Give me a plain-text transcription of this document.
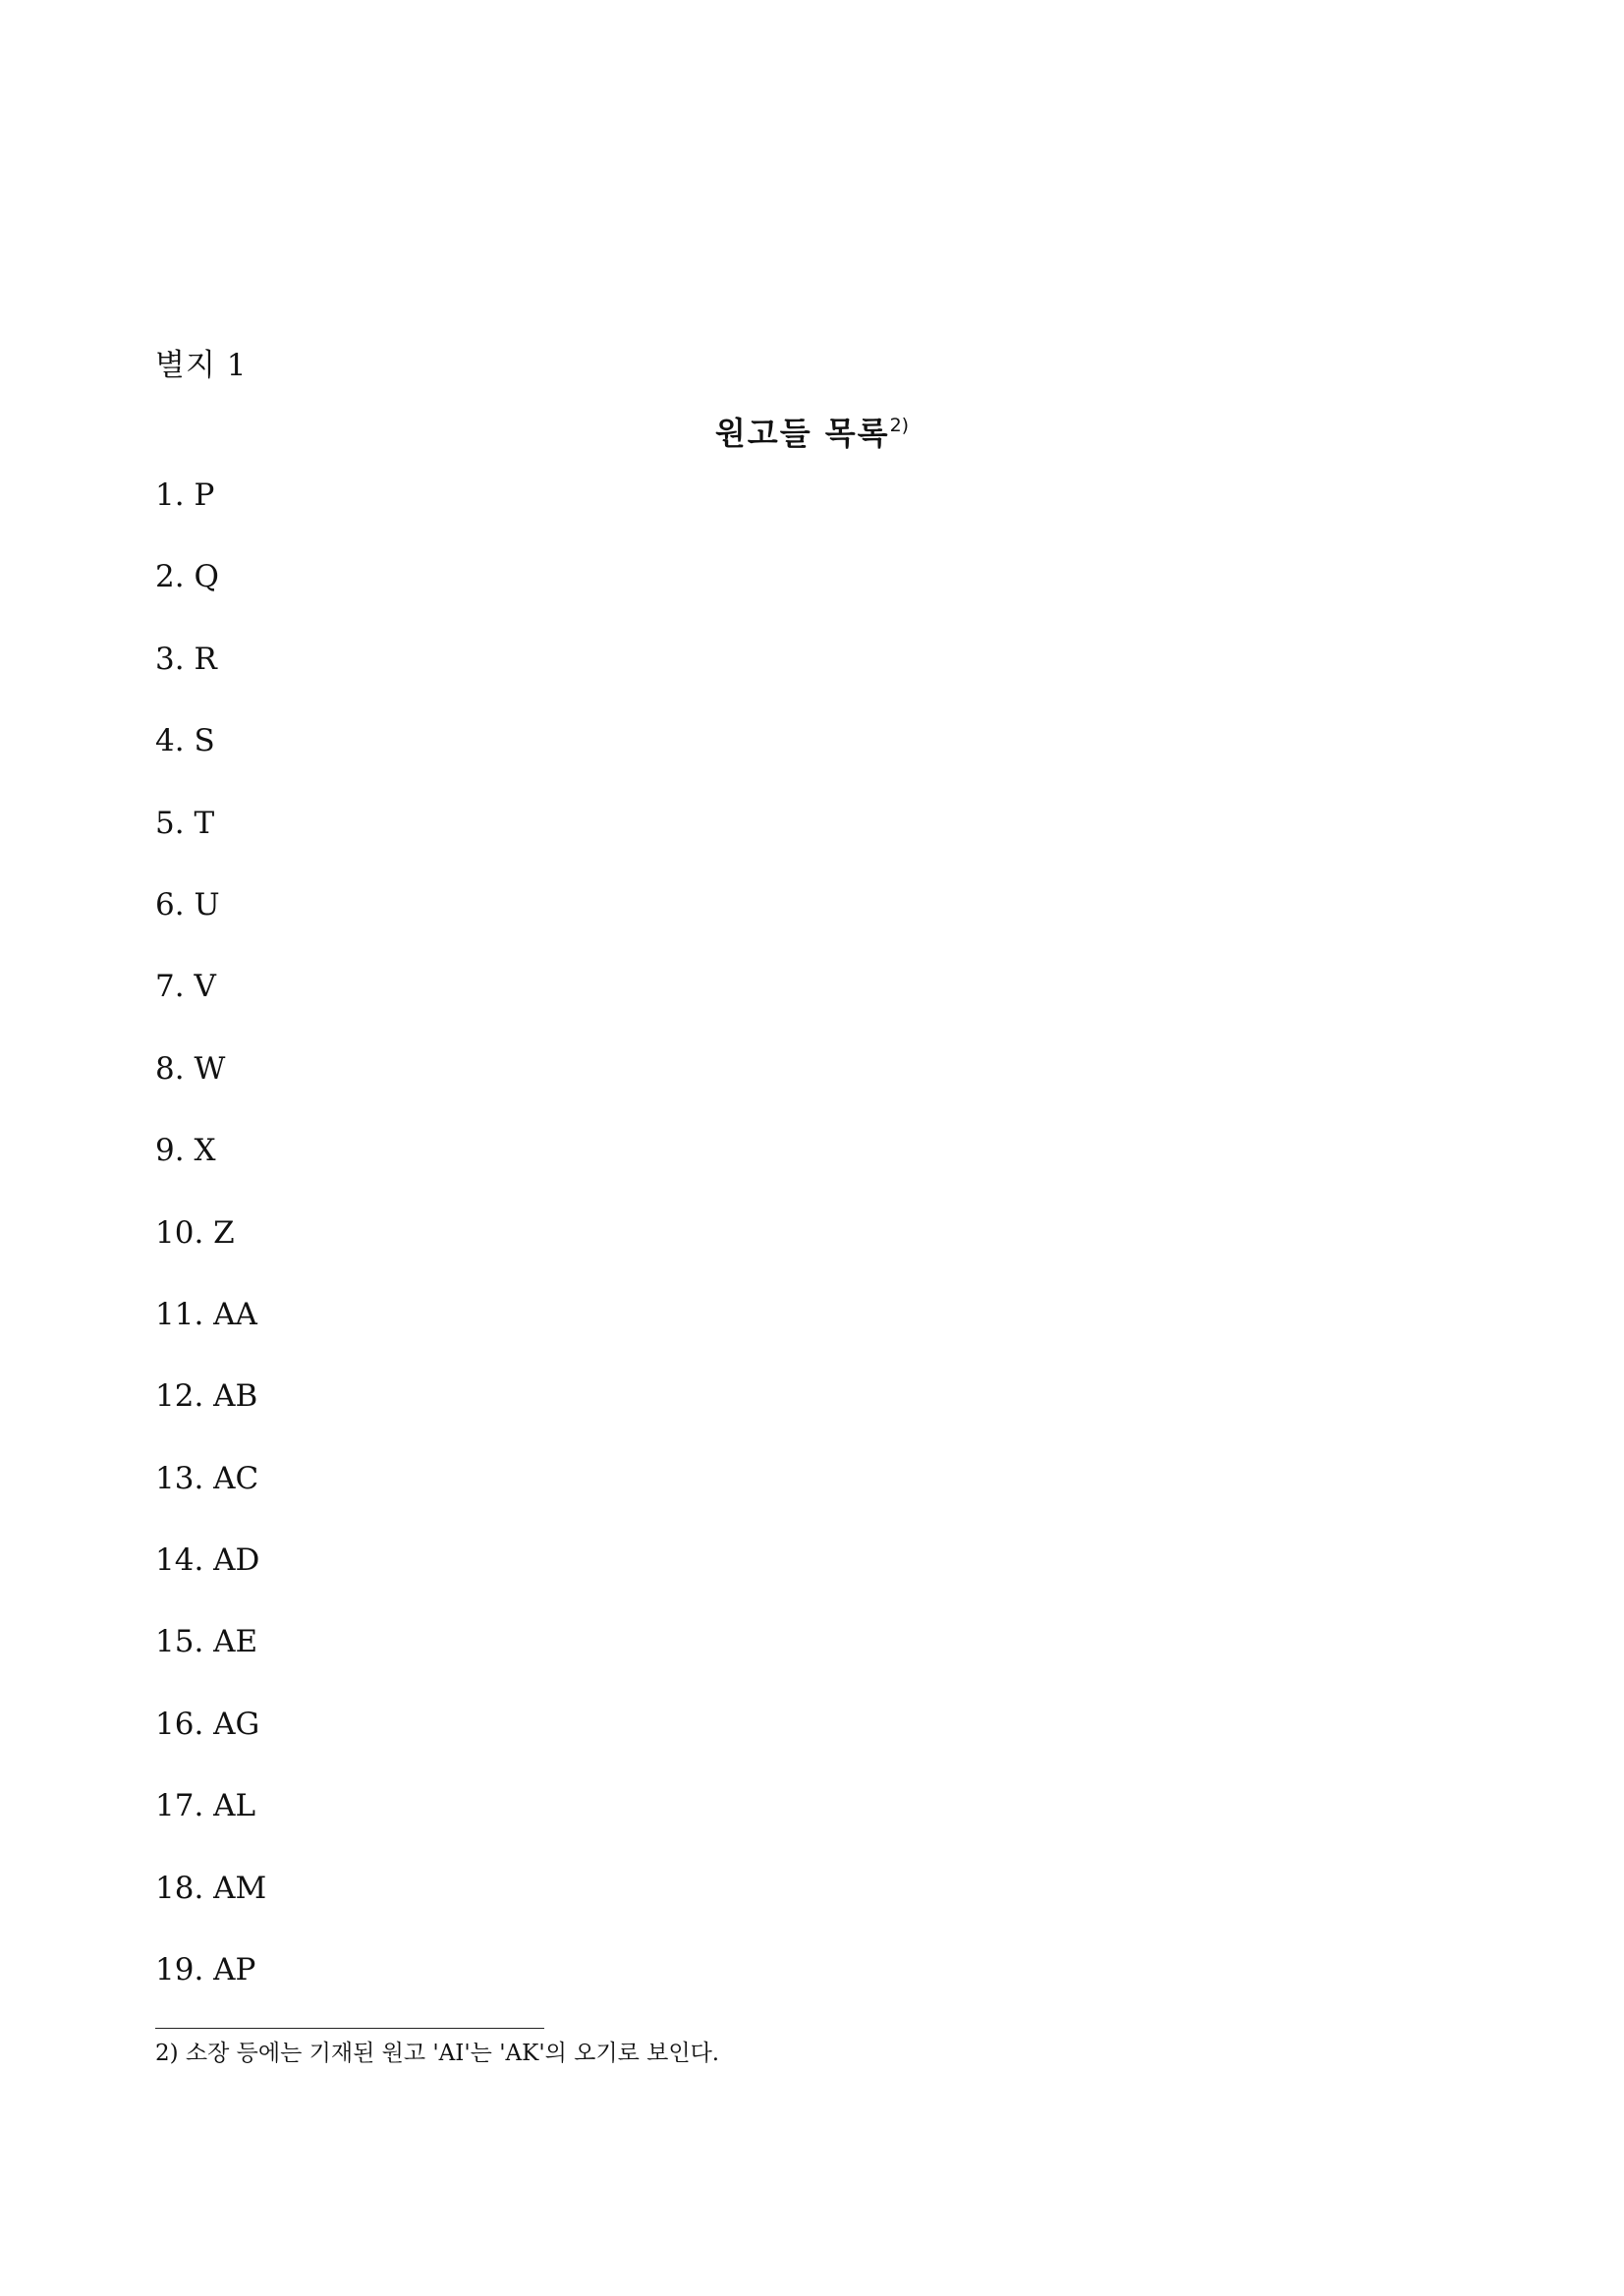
별지 1
원고들 목록$^{2)}$
1. P
2. Q
3. R
4. S
5. T
6. U
7. V
8. W
9. X
10. Z
11. AA
12. AB
13. AC
14. AD
15. AE
16. AG
17. AL
18. AM
19. AP
2) 소장 등에는 기재된 원고 'AI'는 'AK'의 오기로 보인다.
